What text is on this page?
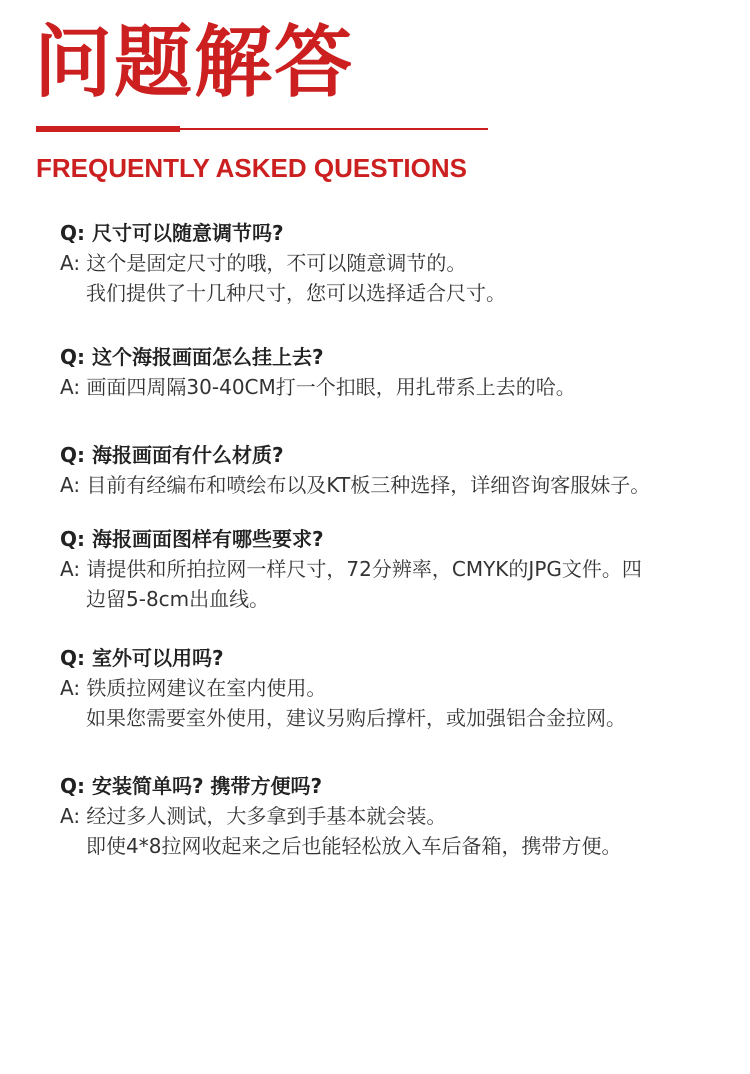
问题解答
FREQUENTLY ASKED QUESTIONS
Q: 尺寸可以随意调节吗?
A: 这个是固定尺寸的哦，不可以随意调节的。
我们提供了十几种尺寸，您可以选择适合尺寸。
Q: 这个海报画面怎么挂上去?
A: 画面四周隔30-40CM打一个扣眼，用扎带系上去的哈。
Q: 海报画面有什么材质?
A: 目前有经编布和喷绘布以及KT板三种选择，详细咨询客服妹子。
Q: 海报画面图样有哪些要求?
A: 请提供和所拍拉网一样尺寸，72分辨率，CMYK的JPG文件。四
边留5-8cm出血线。
Q: 室外可以用吗?
A: 铁质拉网建议在室内使用。
如果您需要室外使用，建议另购后撑杆，或加强铝合金拉网。
Q: 安装简单吗? 携带方便吗?
A: 经过多人测试，大多拿到手基本就会装。
即使4*8拉网收起来之后也能轻松放入车后备箱，携带方便。
